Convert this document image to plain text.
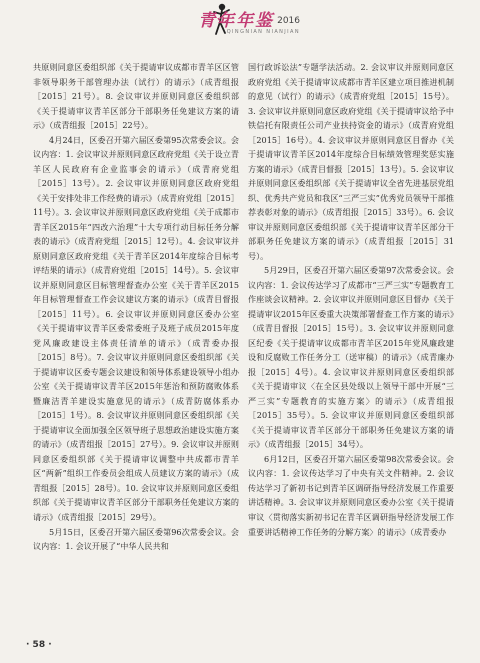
青年年鉴 2016
QINGNIAN NIANJIAN

共原则同意区委组织部《关于提请审议成都市青羊区区管非领导职务干部管理办法（试行）的请示》（成青组报［2015］21号）。8. 会议审议并原则同意区委组织部《关于提请审议青羊区部分干部职务任免建议方案的请示》（成青组报［2015］22号）。

4月24日，区委召开第六届区委第95次常委会议。会议内容：1. 会议审议并原则同意区政府党组《关于设立青羊区人民政府有企业监事会的请示》（成青府党组［2015］13号）。2. 会议审议并原则同意区政府党组《关于安排处非工作经费的请示》（成青府党组［2015］11号）。3. 会议审议并原则同意区政府党组《关于成都市青羊区2015年“四改六治理”十大专项行动目标任务分解表的请示》（成青府党组［2015］12号）。4. 会议审议并原则同意区政府党组《关于青羊区2014年度综合目标考评结果的请示》（成青府党组［2015］14号）。5. 会议审议并原则同意区目标管理督查办公室《关于青羊区2015年目标管理督查工作会议建议方案的请示》（成青目督报［2015］11号）。6. 会议审议并原则同意区委办公室《关于提请审议青羊区委常委班子及班子成员2015年度党风廉政建设主体责任清单的请示》（成青委办报［2015］8号）。7. 会议审议并原则同意区委组织部《关于提请审议区委专题会议建设和领导体系建设领导小组办公室《关于提请审议青羊区2015年惩治和预防腐败体系暨廉洁青羊建设实施意见的请示》（成青防腐体系办［2015］1号）。8. 会议审议并原则同意区委组织部《关于提请审议全面加强全区领导班子思想政治建设实施方案的请示》（成青组报［2015］27号）。9. 会议审议并原则同意区委组织部《关于提请审议调整中共成都市青羊区“两新”组织工作委员会组成人员建议方案的请示》（成青组报［2015］28号）。10. 会议审议并原则同意区委组织部《关于提请审议青羊区部分干部职务任免建议方案的请示》（成青组报［2015］29号）。

5月15日，区委召开第六届区委第96次常委会议。会议内容：1. 会议开展了“中华人民共和

国行政诉讼法”专题学法活动。2. 会议审议并原则同意区政府党组《关于提请审议成都市青羊区建立项目推进机制的意见（试行）的请示》（成青府党组［2015］15号）。3. 会议审议并原则同意区政府党组《关于提请审议给予中铁信托有限责任公司产业扶持资金的请示》（成青府党组［2015］16号）。4. 会议审议并原则同意区目督办《关于提请审议青羊区2014年度综合目标绩效管理奖惩实施方案的请示》（成青目督报［2015］13号）。5. 会议审议并原则同意区委组织部《关于提请审议全省先进基层党组织、优秀共产党员和我区“三严三实”优秀党员领导干部推荐表彰对象的请示》（成青组报［2015］33号）。6. 会议审议并原则同意区委组织部《关于提请审议青羊区部分干部职务任免建议方案的请示》（成青组报［2015］31号）。

5月29日，区委召开第六届区委第97次常委会议。会议内容：1. 会议传达学习了成都市“三严三实”专题教育工作座谈会议精神。2. 会议审议并原则同意区目督办《关于提请审议2015年区委重大决策部署督查工作方案的请示》（成青目督报［2015］15号）。3. 会议审议并原则同意区纪委《关于提请审议成都市青羊区2015年党风廉政建设和反腐败工作任务分工（送审稿）的请示》（成青廉办报［2015］4号）。4. 会议审议并原则同意区委组织部《关于提请审议〈在全区县处级以上领导干部中开展“三严三实”专题教育的实施方案〉的请示》（成青组报［2015］35号）。5. 会议审议并原则同意区委组织部《关于提请审议青羊区部分干部职务任免建议方案的请示》（成青组报［2015］34号）。

6月12日，区委召开第六届区委第98次常委会议。会议内容：1. 会议传达学习了中央有关文件精神。2. 会议传达学习了新初书记到青羊区调研指导经济发展工作重要讲话精神。3. 会议审议并原则同意区委办公室《关于提请审议〈贯彻落实新初书记在青羊区调研指导经济发展工作重要讲话精神工作任务的分解方案〉的请示》（成青委办

· 58 ·
